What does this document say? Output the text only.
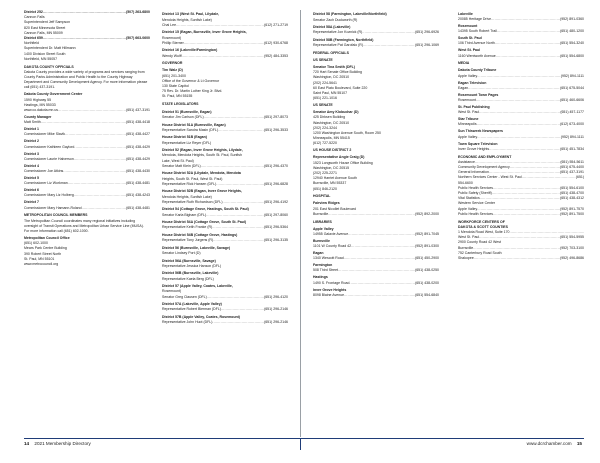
District 252 .....	(507) 263-6800
Cannon Falls
Superintendent Jeff Sampson
820 East Minnesota Street
Cannon Falls, MN 55009
District 659 .....	(507) 663-0600
Northfield
Superintendent Dr. Matt Hillmann
1400 Division Street South
Northfield, MN 55057
DAKOTA COUNTY OFFICIALS
Dakota County provides a wide variety of programs and services ranging from County Parks Administration and Public Health to the County Highway Department and Community Development Agency. For more information please call (651) 437-3191.
Dakota County Government Center
1590 Highway 55
Hastings, MN 55033
www.co.dakota.mn.us .....	(651) 437-3191
County Manager
Matt Smith .....	(651) 438-4418
District 1
Commissioner Mike Slavik .....	(651) 438-4427
District 2
Commissioner Kathleen Gaylord .....	(651) 438-4429
District 3
Commissioner Laurie Halverson .....	(651) 438-4429
District 4
Commissioner Joe Atkins .....	(651) 438-4430
District 5
Commissioner Liz Workman .....	(651) 438-4481
District 6
Commissioner Mary Liz Holberg .....	(651) 438-4243
District 7
Commissioner Mary Hamann-Roland .....	(651) 438-4481
METROPOLITAN COUNCIL MEMBERS
The Metropolitan Council coordinates many regional initiatives including oversight of Transit Operations and Metropolitan Urban Service Line (MUSA). For more information call (651) 602-1000.
Metropolitan Council Office
(651) 602-1000
Mears Park Centre Building
390 Robert Street North
St. Paul, MN 55101
www.metrocouncil.org
District 13 (West St. Paul, Lilydale,
Mendota Heights, Sunfish Lake)
Chai Lee .....	(612) 271-2719
District 15 (Eagan, Burnsville, Inver Grove Heights,
Rosemount)
Phillip Sterner .....	(612) 930-6768
District 16 (Lakeville/Farmington)
Wendy Wulff .....	(952) 484-3353
GOVERNOR
Tim Walz (D)
(651) 201-3400
Office of the Governor & Lt Governor
130 State Capitol
75 Rev. Dr. Martin Luther King Jr. Blvd.
St. Paul, MN 55155
STATE LEGISLATORS
District 51 (Burnsville, Eagan)
Senator Jim Carlson (DFL) .....	(651) 297-8073
House District 51A (Burnsville, Eagan)
Representative Sandra Masin (DFL) .....	(651) 296-3533
House District 51B (Eagan)
Representative Liz Reyer (DFL)
District 52 (Eagan, Inver Grove Heights, Lilydale,
Mendota, Mendota Heights, South St. Paul, Sunfish
Lake, West St. Paul)
Senator Matt Klein (DFL) .....	(651) 296-4370
House District 52A (Lilydale, Mendota, Mendota
Heights, South St. Paul, West St. Paul)
Representative Rick Hansen (DFL) .....	(651) 296-6828
House District 52B (Eagan, Inver Grove Heights,
Mendota Heights, Sunfish Lake)
Representative Ruth Richardson (DFL) .....	(651) 296-4192
District 54 (Cottage Grove, Hastings, South St. Paul)
Senator Karla Bigham (DFL) .....	(651) 297-8060
House District 54A (Cottage Grove, South St. Paul)
Representative Keith Franke (R) .....	(651) 296-5364
House District 54B (Cottage Grove, Hastings)
Representative Tony Jurgens (R) .....	(651) 296-3135
District 56 (Burnsville, Lakeville, Savage)
Senator Lindsey Port (D)
District 56A (Burnsville, Savage)
Representative Jessica Hanson (DFL)
District 56B (Burnsville, Lakeville)
Representative Kaela Berg (DFL)
District 57 (Apple Valley, Coates, Lakeville,
Rosemount)
Senator Greg Clausen (DFL) .....	(651) 296-4120
District 57A (Lakeville, Apple Valley)
Representative Robert Bierman (DFL) .....	(651) 296-2146
District 57B (Apple Valley, Coates, Rosemount)
Representative John Huot (DFL) .....	(651) 296-2146
District 58 (Farmington, Lakeville/Northfield)
Senator Zach Duckworth (R)
District 58A (Lakeville)
Representative Jon Koznick (R) .....	(651) 296-6926
District 58B (Farmington, Northfield)
Representative Pat Garofalo (R) .....	(651) 296-1069
FEDERAL OFFICIALS
US SENATE
Senator Tina Smith (DFL)
720 Hart Senate Office Building
Washington, DC 20510
(202) 224-5641
60 East Plato Boulevard, Suite 220
Saint Paul, MN 55107
(651) 221-1016
US SENATE
Senator Amy Klobuchar (D)
425 Dirksen Building
Washington, DC 20510
(202) 224-3244
1200 Washington Avenue South, Room 250
Minneapolis, MN 55415
(612) 727-5220
US HOUSE DISTRICT 2
Representative Angie Craig (D)
1523 Longworth House Office Building
Washington, DC 20515
(202) 225-2271
12940 Harriet Avenue South
Burnsville, MN 55337
(651) 846-2120
HOSPITAL
Fairview Ridges
201 East Nicollet Boulevard
Burnsville .....	(952) 892-2000
LIBRARIES
Apple Valley
14955 Galaxie Avenue .....	(952) 891-7045
Burnsville
1101 W County Road 42 .....	(952) 891-0300
Eagan
1340 Wescott Road .....	(651) 450-2900
Farmington
508 Third Street .....	(651) 438-0250
Hastings
1490 S. Frontage Road .....	(651) 438-0200
Inver Grove Heights
8098 Blaine Avenue .....	(651) 554-6840
Lakeville
20085 Heritage Drive .....	(952) 891-0360
Rosemount
14395 South Robert Trail .....	(651) 480-1200
South St. Paul
106 Third Avenue North .....	(651) 554-3240
West St. Paul
1160 Wentworth Avenue .....	(651) 554-6800
MEDIA
Dakota County Tribune
Apple Valley .....	(952) 894-1111
Eagan Television
Eagan .....	(651) 675-5044
Rosemount Town Pages
Rosemount .....	(651) 460-6606
St. Paul Publishing
West St. Paul .....	(651) 457-1177
Star Tribune
Minneapolis .....	(612) 673-4000
Sun Thisweek Newspapers
Apple Valley .....	(952) 894-1111
Town Square Television
Inver Grove Heights .....	(651) 451-7834
ECONOMIC AND EMPLOYMENT
Assistance .....	(651) 554-5611
Community Development Agency .....	(651) 675-4400
General Information .....	(651) 437-3191
Northern Services Center - West St. Paul .....	(651)
554-6600
Public Health Services .....	(651) 554-6100
Public Safety (Sheriff) .....	(651) 438-4700
Vital Statistics .....	(651) 438-4312
Western Service Center
Apple Valley .....	(952) 891-7570
Public Health Services .....	(952) 891-7500
WORKFORCE CENTERS OF
DAKOTA & SCOTT COUNTIES
1 Mendota Road West, Suite 170
.....
West St. Paul .....	(651) 554-5955
2900 County Road 42 West
Burnsville .....	(952) 703-3100
752 Canterbury Road South
Shakopee .....	(952) 496-8686
14 2021 Membership Directory	www.dcrchamber.com 15
